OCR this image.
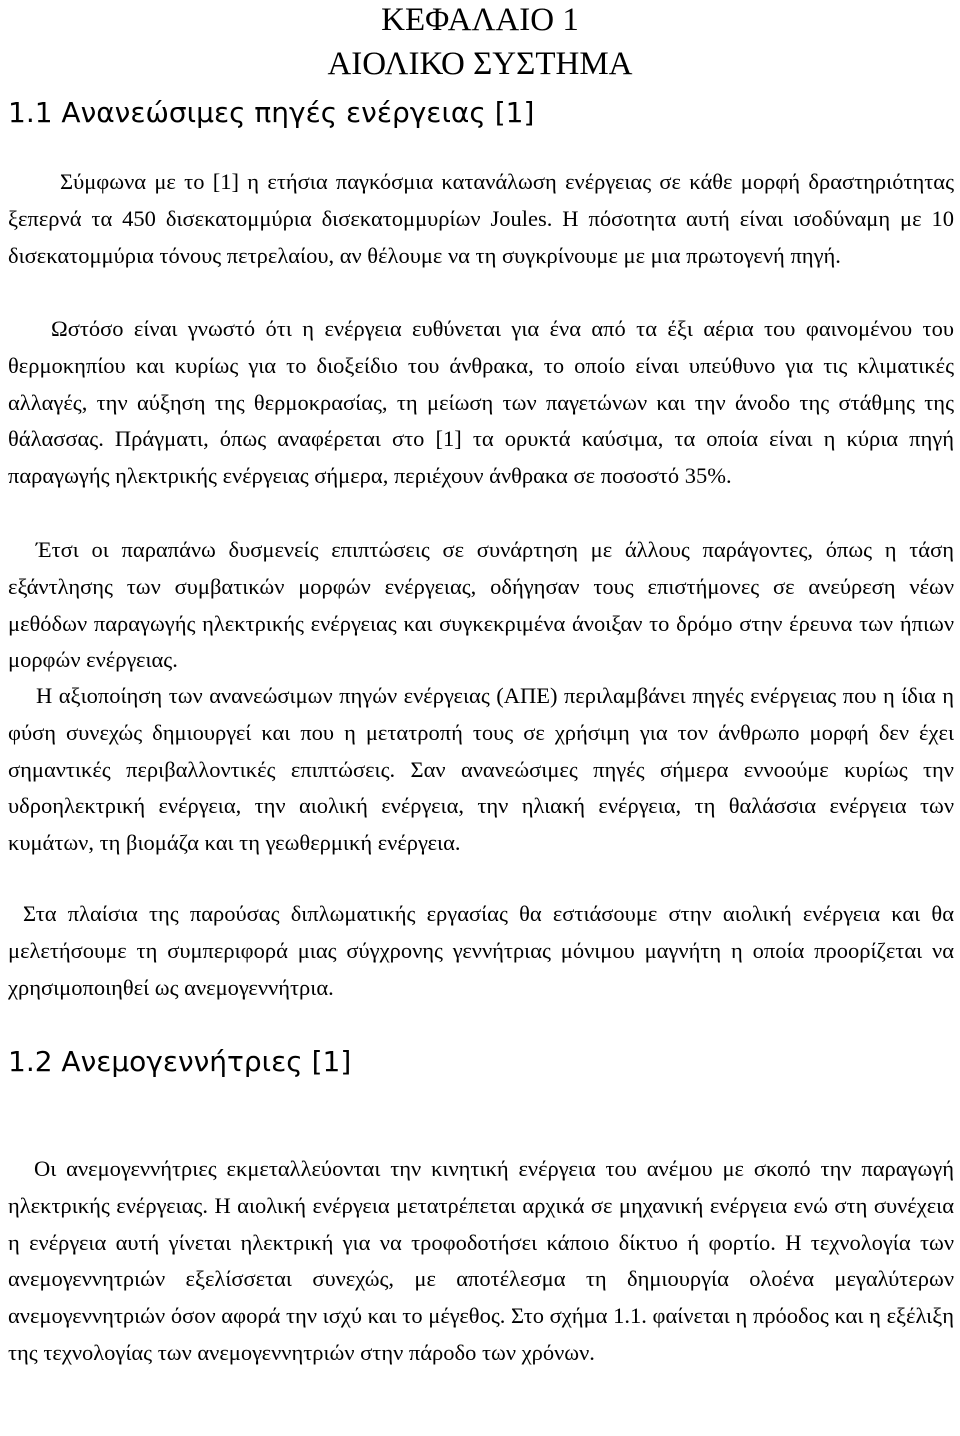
ΚΕΦΑΛΑΙΟ 1
ΑΙΟΛΙΚΟ ΣΥΣΤΗΜΑ
1.1 Ανανεώσιμες πηγές ενέργειας [1]

Σύμφωνα με το [1] η ετήσια παγκόσμια κατανάλωση ενέργειας σε κάθε μορφή δραστηριότητας ξεπερνά τα 450 δισεκατομμύρια δισεκατομμυρίων Joules. Η πόσοτητα αυτή είναι ισοδύναμη με 10 δισεκατομμύρια τόνους πετρελαίου, αν θέλουμε να τη συγκρίνουμε με μια πρωτογενή πηγή.

Ωστόσο είναι γνωστό ότι η ενέργεια ευθύνεται για ένα από τα έξι αέρια του φαινομένου του θερμοκηπίου και κυρίως για το διοξείδιο του άνθρακα, το οποίο είναι υπεύθυνο για τις κλιματικές αλλαγές, την αύξηση της θερμοκρασίας, τη μείωση των παγετώνων και την άνοδο της στάθμης της θάλασσας. Πράγματι, όπως αναφέρεται στο [1] τα ορυκτά καύσιμα, τα οποία είναι η κύρια πηγή παραγωγής ηλεκτρικής ενέργειας σήμερα, περιέχουν άνθρακα σε ποσοστό 35%.

Έτσι οι παραπάνω δυσμενείς επιπτώσεις σε συνάρτηση με άλλους παράγοντες, όπως η τάση εξάντλησης των συμβατικών μορφών ενέργειας, οδήγησαν τους επιστήμονες σε ανεύρεση νέων μεθόδων παραγωγής ηλεκτρικής ενέργειας και συγκεκριμένα άνοιξαν το δρόμο στην έρευνα των ήπιων μορφών ενέργειας.

Η αξιοποίηση των ανανεώσιμων πηγών ενέργειας (ΑΠΕ) περιλαμβάνει πηγές ενέργειας που η ίδια η φύση συνεχώς δημιουργεί και που η μετατροπή τους σε χρήσιμη για τον άνθρωπο μορφή δεν έχει σημαντικές περιβαλλοντικές επιπτώσεις. Σαν ανανεώσιμες πηγές σήμερα εννοούμε κυρίως την υδροηλεκτρική ενέργεια, την αιολική ενέργεια, την ηλιακή ενέργεια, τη θαλάσσια ενέργεια των κυμάτων, τη βιομάζα και τη γεωθερμική ενέργεια.

Στα πλαίσια της παρούσας διπλωματικής εργασίας θα εστιάσουμε στην αιολική ενέργεια και θα μελετήσουμε τη συμπεριφορά μιας σύγχρονης γεννήτριας μόνιμου μαγνήτη η οποία προορίζεται να χρησιμοποιηθεί ως ανεμογεννήτρια.

1.2 Ανεμογεννήτριες [1]

Οι ανεμογεννήτριες εκμεταλλεύονται την κινητική ενέργεια του ανέμου με σκοπό την παραγωγή ηλεκτρικής ενέργειας. Η αιολική ενέργεια μετατρέπεται αρχικά σε μηχανική ενέργεια ενώ στη συνέχεια η ενέργεια αυτή γίνεται ηλεκτρική για να τροφοδοτήσει κάποιο δίκτυο ή φορτίο. Η τεχνολογία των ανεμογεννητριών εξελίσσεται συνεχώς, με αποτέλεσμα τη δημιουργία ολοένα μεγαλύτερων ανεμογεννητριών όσον αφορά την ισχύ και το μέγεθος. Στο σχήμα 1.1. φαίνεται η πρόοδος και η εξέλιξη της τεχνολογίας των ανεμογεννητριών στην πάροδο των χρόνων.
